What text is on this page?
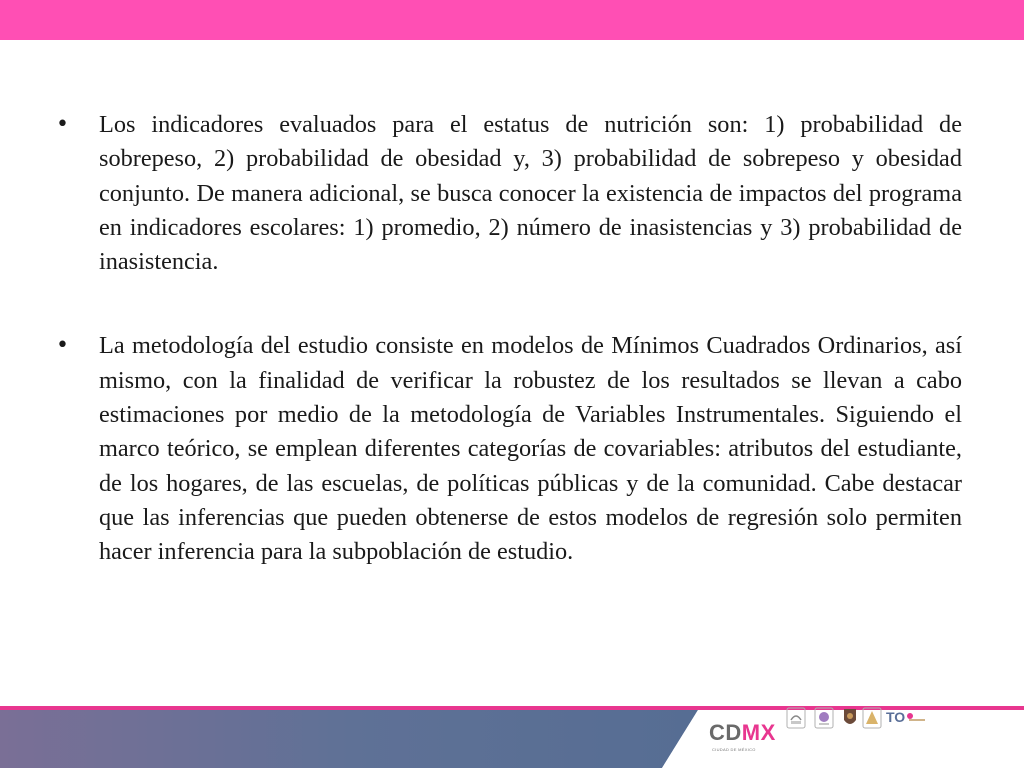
• Los indicadores evaluados para el estatus de nutrición son: 1) probabilidad de sobrepeso, 2) probabilidad de obesidad y, 3) probabilidad de sobrepeso y obesidad conjunto. De manera adicional, se busca conocer la existencia de impactos del programa en indicadores escolares: 1) promedio, 2) número de inasistencias y 3) probabilidad de inasistencia.
• La metodología del estudio consiste en modelos de Mínimos Cuadrados Ordinarios, así mismo, con la finalidad de verificar la robustez de los resultados se llevan a cabo estimaciones por medio de la metodología de Variables Instrumentales. Siguiendo el marco teórico, se emplean diferentes categorías de covariables: atributos del estudiante, de los hogares, de las escuelas, de políticas públicas y de la comunidad. Cabe destacar que las inferencias que pueden obtenerse de estos modelos de regresión solo permiten hacer inferencia para la subpoblación de estudio.
CDMX
CIUDAD DE MÉXICO
TO
